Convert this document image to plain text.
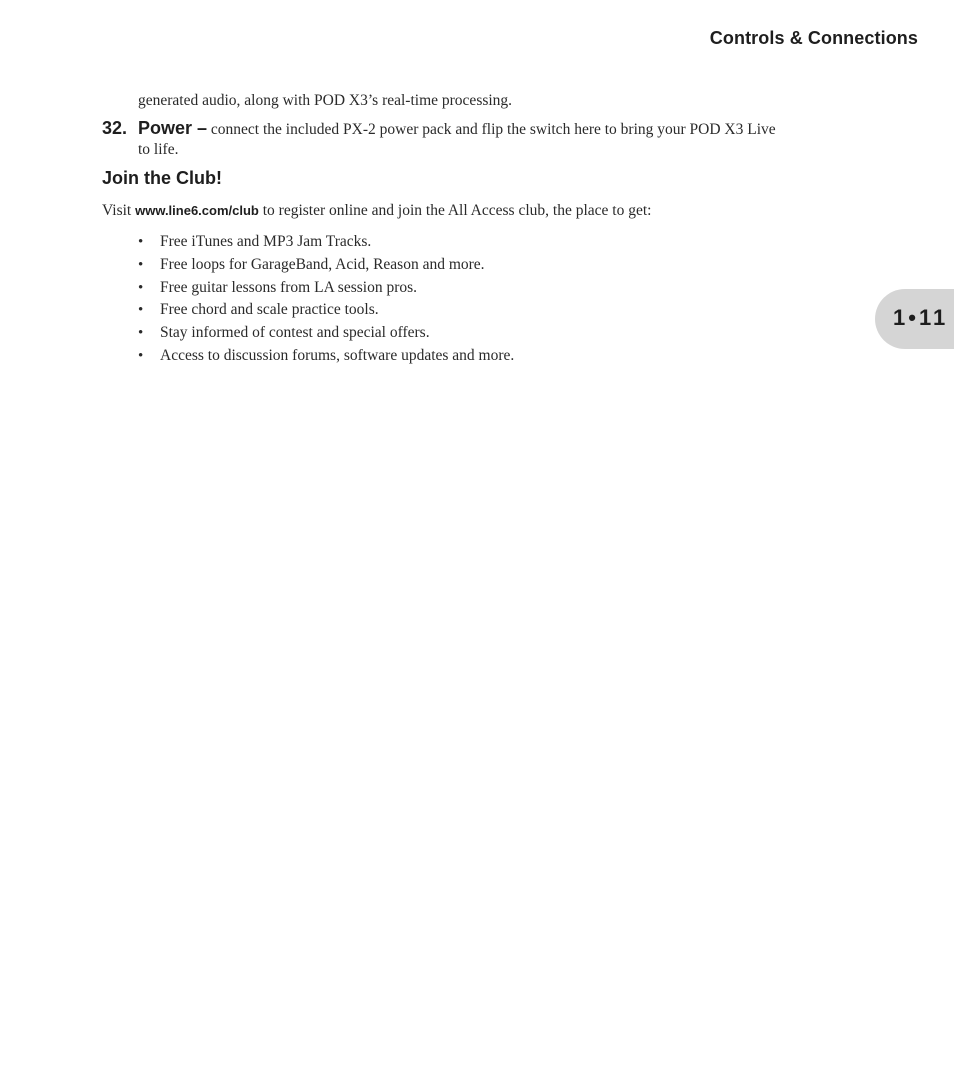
Controls & Connections
1•11
generated audio, along with POD X3’s real-time processing.
32. Power – connect the included PX-2 power pack and flip the switch here to bring your POD X3 Live
to life.
Join the Club!
Visit www.line6.com/club to register online and join the All Access club, the place to get:
• Free iTunes and MP3 Jam Tracks.
• Free loops for GarageBand, Acid, Reason and more.
• Free guitar lessons from LA session pros.
• Free chord and scale practice tools.
• Stay informed of contest and special offers.
• Access to discussion forums, software updates and more.
